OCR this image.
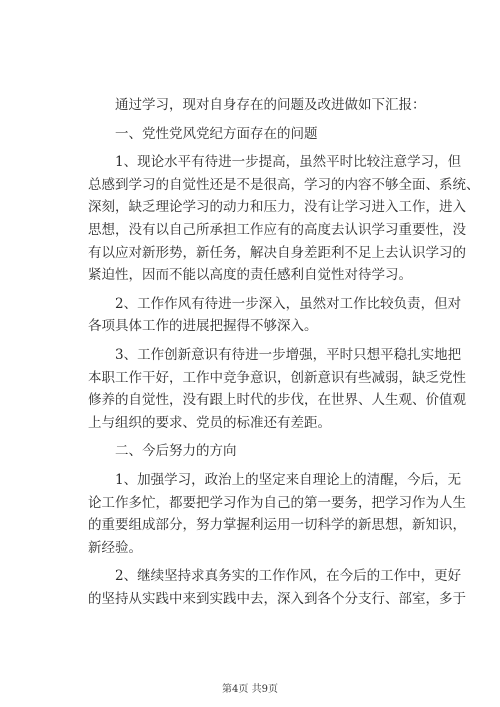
通过学习，现对自身存在的问题及改进做如下汇报：

一、党性党风党纪方面存在的问题

1、现论水平有待进一步提高，虽然平时比较注意学习，但
总感到学习的自觉性还是不是很高，学习的内容不够全面、系统、
深刻，缺乏理论学习的动力和压力，没有让学习进入工作，进入
思想，没有以自己所承担工作应有的高度去认识学习重要性，没
有以应对新形势，新任务，解决自身差距利不足上去认识学习的
紧迫性，因而不能以高度的责任感利自觉性对待学习。

2、工作作风有待进一步深入，虽然对工作比较负责，但对
各项具体工作的进展把握得不够深入。

3、工作创新意识有待进一步增强，平时只想平稳扎实地把
本职工作干好，工作中竞争意识，创新意识有些减弱，缺乏党性
修养的自觉性，没有跟上时代的步伐，在世界、人生观、价值观
上与组织的要求、党员的标准还有差距。

二、今后努力的方向

1、加强学习，政治上的坚定来自理论上的清醒，今后，无
论工作多忙，都要把学习作为自己的第一要务，把学习作为人生
的重要组成部分，努力掌握利运用一切科学的新思想，新知识，
新经验。

2、继续坚持求真务实的工作作风，在今后的工作中，更好
的坚持从实践中来到实践中去，深入到各个分支行、部室，多于

第4页 共9页
